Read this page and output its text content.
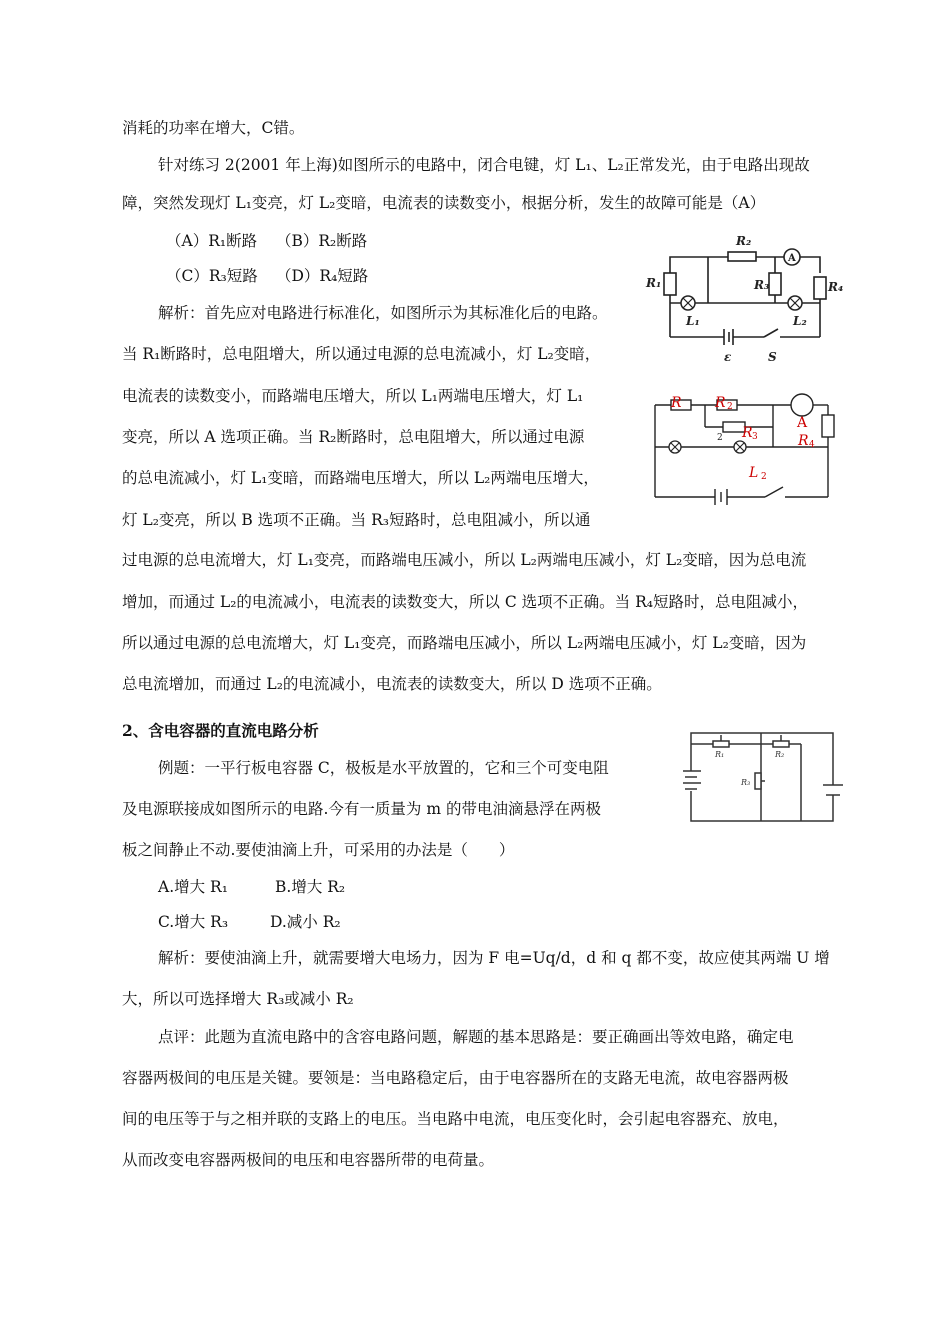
消耗的功率在增大，C错。
针对练习 2(2001 年上海)如图所示的电路中，闭合电键，灯 L₁、L₂正常发光，由于电路出现故
障，突然发现灯 L₁变亮，灯 L₂变暗，电流表的读数变小，根据分析，发生的故障可能是（A）
（A）R₁断路 （B）R₂断路
（C）R₃短路 （D）R₄短路
解析：首先应对电路进行标准化，如图所示为其标准化后的电路。
当 R₁断路时，总电阻增大，所以通过电源的总电流减小，灯 L₂变暗，
电流表的读数变小，而路端电压增大，所以 L₁两端电压增大，灯 L₁
变亮，所以 A 选项正确。当 R₂断路时，总电阻增大，所以通过电源
的总电流减小，灯 L₁变暗，而路端电压增大，所以 L₂两端电压增大，
灯 L₂变亮，所以 B 选项不正确。当 R₃短路时，总电阻减小，所以通
过电源的总电流增大，灯 L₁变亮，而路端电压减小，所以 L₂两端电压减小，灯 L₂变暗，因为总电流
增加，而通过 L₂的电流减小，电流表的读数变大，所以 C 选项不正确。当 R₄短路时，总电阻减小，
所以通过电源的总电流增大，灯 L₁变亮，而路端电压减小，所以 L₂两端电压减小，灯 L₂变暗，因为
总电流增加，而通过 L₂的电流减小，电流表的读数变大，所以 D 选项不正确。
2、含电容器的直流电路分析
例题：一平行板电容器 C，极板是水平放置的，它和三个可变电阻
及电源联接成如图所示的电路.今有一质量为 m 的带电油滴悬浮在两极
板之间静止不动.要使油滴上升，可采用的办法是（　　）
A.增大 R₁	B.增大 R₂
C.增大 R₃	D.减小 R₂
解析：要使油滴上升，就需要增大电场力，因为 F 电=Uq/d，d 和 q 都不变，故应使其两端 U 增
大，所以可选择增大 R₃或减小 R₂
点评：此题为直流电路中的含容电路问题，解题的基本思路是：要正确画出等效电路，确定电
容器两极间的电压是关键。要领是：当电路稳定后，由于电容器所在的支路无电流，故电容器两极
间的电压等于与之相并联的支路上的电压。当电路中电流，电压变化时，会引起电容器充、放电，
从而改变电容器两极间的电压和电容器所带的电荷量。
R₁
R₂
R₃	R₄
L₁	L₂
ε	S
A
R R
R	R
L
2
3
4
2
A
2
R₁	R₂
R₃
